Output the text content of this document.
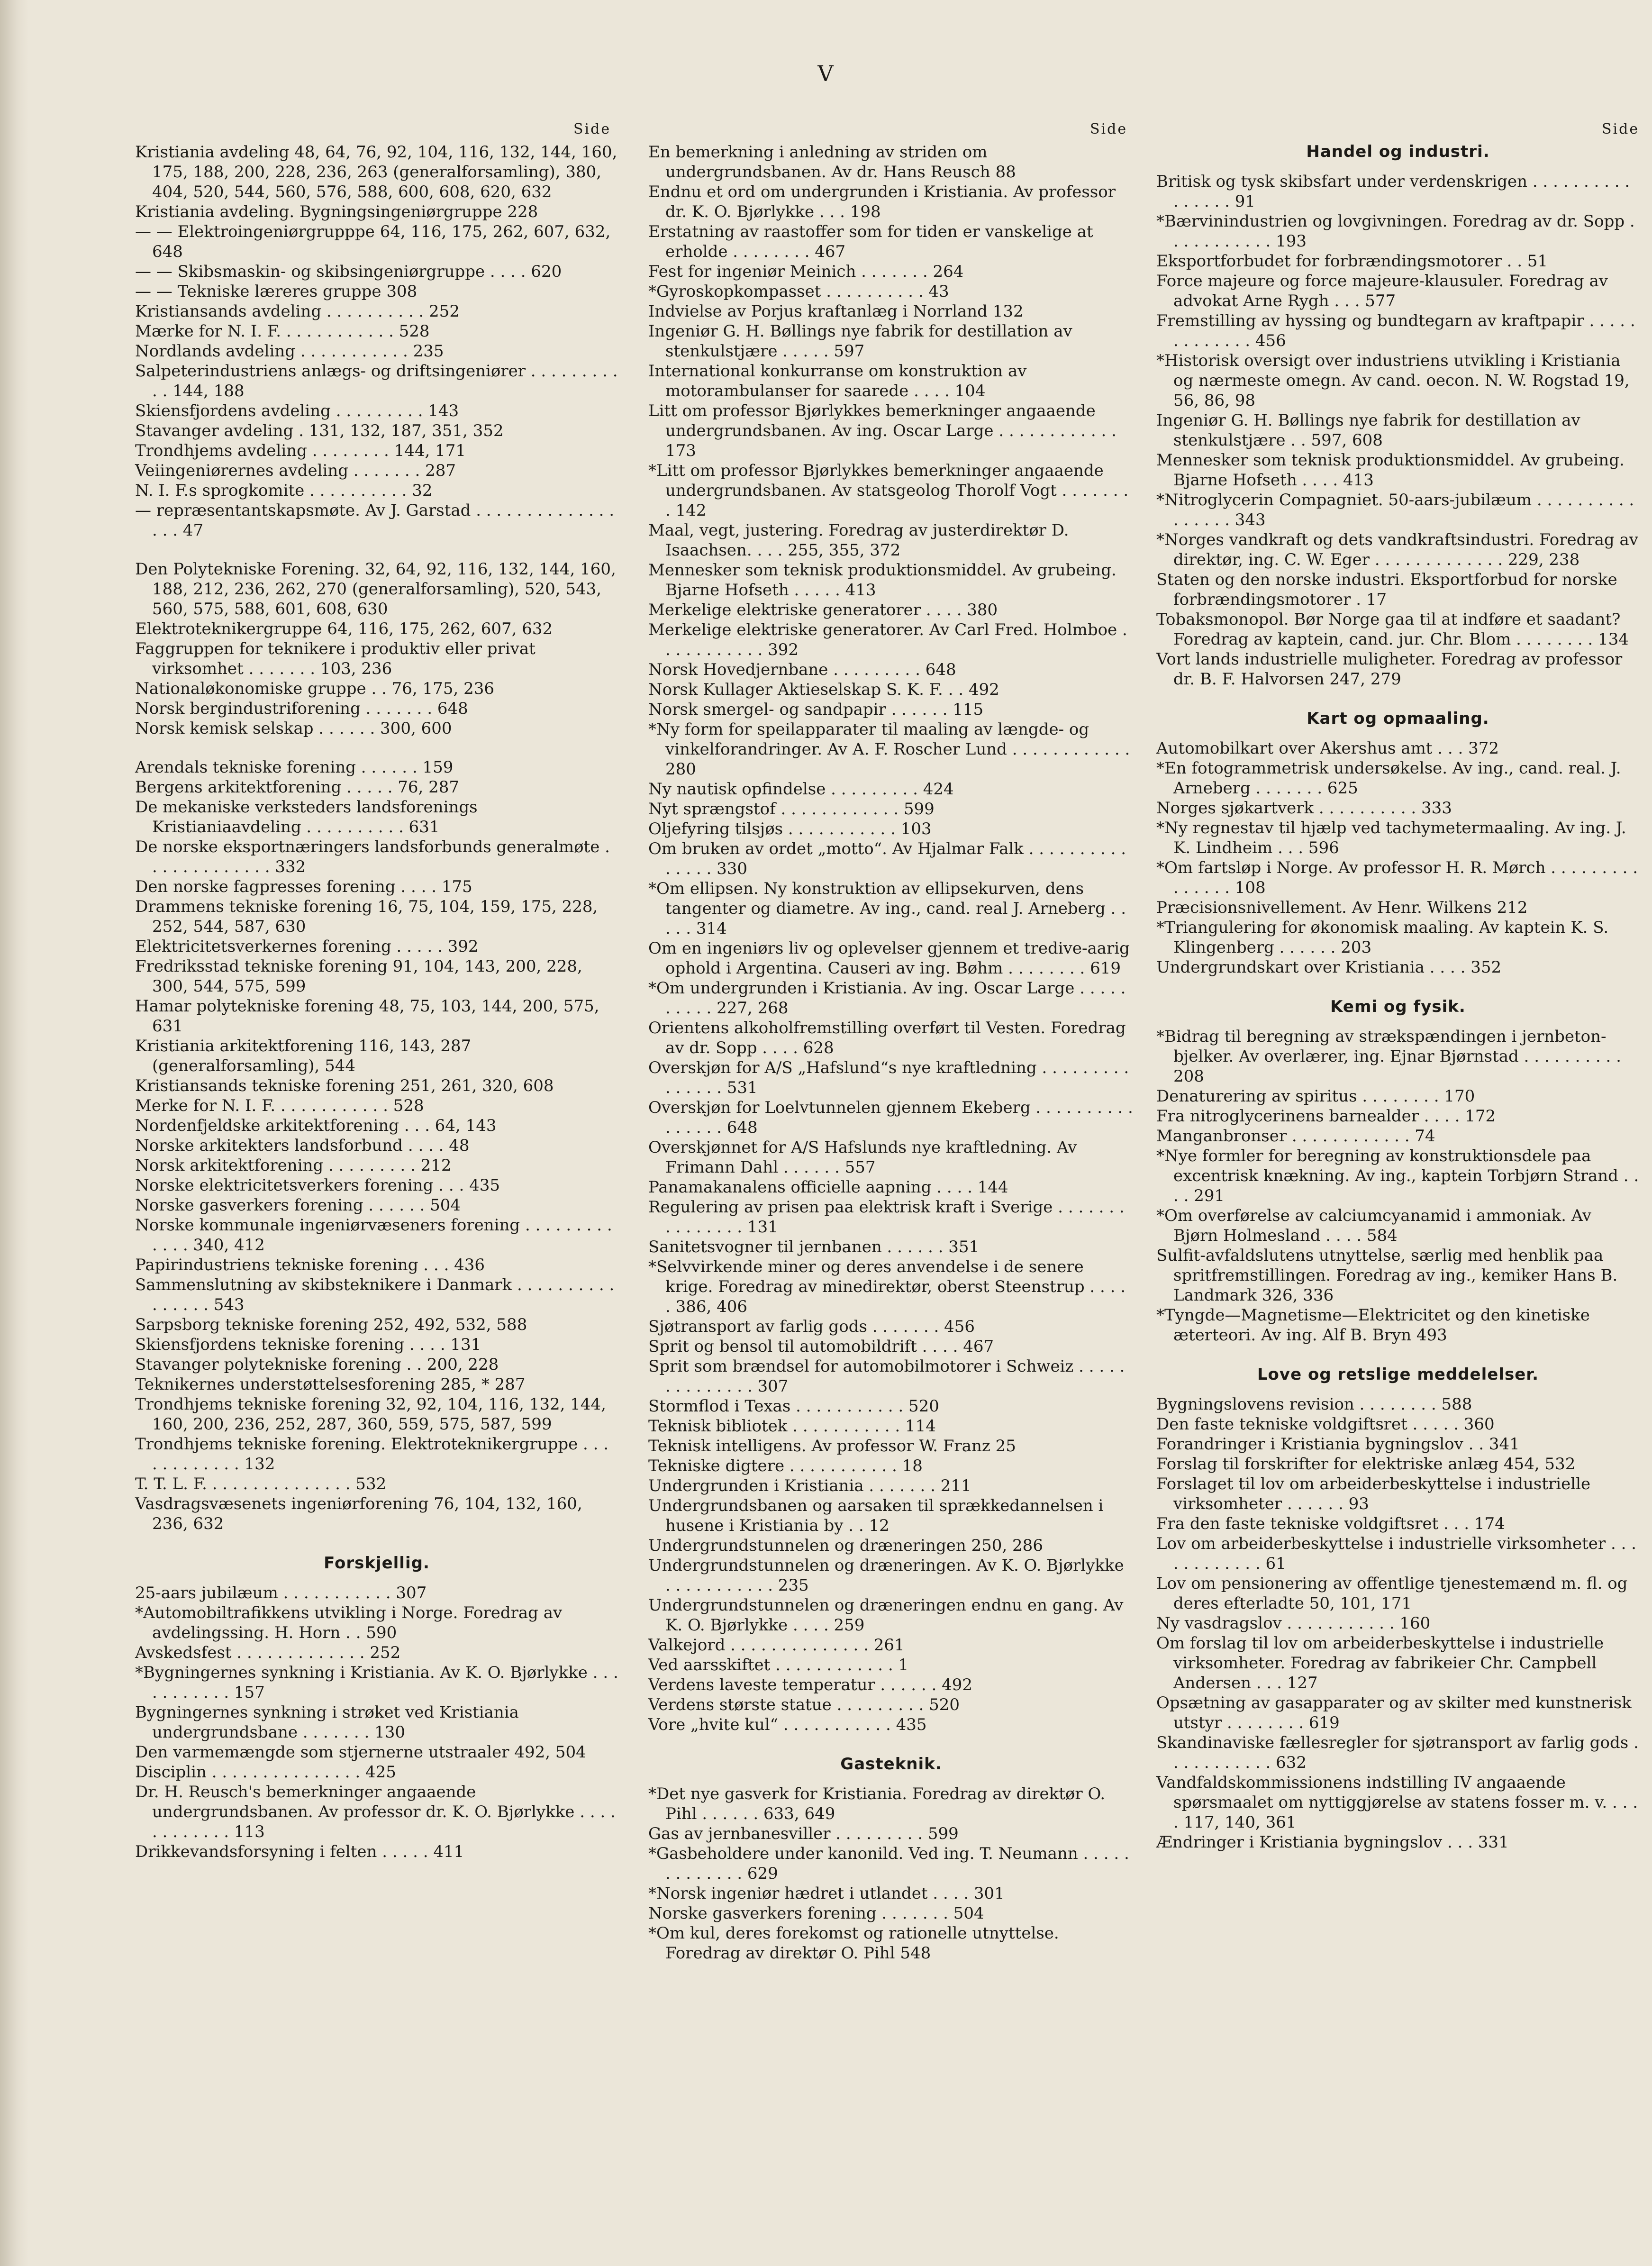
V
Side	Side	Side
Kristiania avdeling 48, 64, 76, 92, 104, 116, 132, 144, 160, 175, 188, 200, 228, 236, 263 (generalforsamling), 380, 404, 520, 544, 560, 576, 588, 600, 608, 620, 632
Kristiania avdeling. Bygningsingeniørgruppe 228
— — Elektroingeniørgrupppe 64, 116, 175, 262, 607, 632, 648
— — Skibsmaskin- og skibsingeniørgruppe . . . . 620
— — Tekniske læreres gruppe 308
Kristiansands avdeling . . . . . . . . . . 252
Mærke for N. I. F. . . . . . . . . . . . 528
Nordlands avdeling . . . . . . . . . . . 235
Salpeterindustriens anlægs- og driftsingeniører . . . . . . . . . . . 144, 188
Skiensfjordens avdeling . . . . . . . . . 143
Stavanger avdeling . 131, 132, 187, 351, 352
Trondhjems avdeling . . . . . . . . 144, 171
Veiingeniørernes avdeling . . . . . . . 287
N. I. F.s sprogkomite . . . . . . . . . . 32
— repræsentantskapsmøte. Av J. Garstad . . . . . . . . . . . . . . . . . 47
Den Polytekniske Forening. 32, 64, 92, 116, 132, 144, 160, 188, 212, 236, 262, 270 (generalforsamling), 520, 543, 560, 575, 588, 601, 608, 630
Elektroteknikergruppe 64, 116, 175, 262, 607, 632
Faggruppen for teknikere i produktiv eller privat virksomhet . . . . . . . 103, 236
Nationaløkonomiske gruppe . . 76, 175, 236
Norsk bergindustriforening . . . . . . . 648
Norsk kemisk selskap . . . . . . 300, 600
Arendals tekniske forening . . . . . . 159
Bergens arkitektforening . . . . . 76, 287
De mekaniske verksteders landsforenings Kristianiaavdeling . . . . . . . . . . 631
De norske eksportnæringers landsforbunds generalmøte . . . . . . . . . . . . . 332
Den norske fagpresses forening . . . . 175
Drammens tekniske forening 16, 75, 104, 159, 175, 228, 252, 544, 587, 630
Elektricitetsverkernes forening . . . . . 392
Fredriksstad tekniske forening 91, 104, 143, 200, 228, 300, 544, 575, 599
Hamar polytekniske forening 48, 75, 103, 144, 200, 575, 631
Kristiania arkitektforening 116, 143, 287 (generalforsamling), 544
Kristiansands tekniske forening 251, 261, 320, 608
Merke for N. I. F. . . . . . . . . . . . 528
Nordenfjeldske arkitektforening . . . 64, 143
Norske arkitekters landsforbund . . . . 48
Norsk arkitektforening . . . . . . . . . 212
Norske elektricitetsverkers forening . . . 435
Norske gasverkers forening . . . . . . 504
Norske kommunale ingeniørvæseners forening . . . . . . . . . . . . . 340, 412
Papirindustriens tekniske forening . . . 436
Sammenslutning av skibsteknikere i Danmark . . . . . . . . . . . . . . . . 543
Sarpsborg tekniske forening 252, 492, 532, 588
Skiensfjordens tekniske forening . . . . 131
Stavanger polytekniske forening . . 200, 228
Teknikernes understøttelsesforening 285, * 287
Trondhjems tekniske forening 32, 92, 104, 116, 132, 144, 160, 200, 236, 252, 287, 360, 559, 575, 587, 599
Trondhjems tekniske forening. Elektroteknikergruppe . . . . . . . . . . . . 132
T. T. L. F. . . . . . . . . . . . . . . 532
Vasdragsvæsenets ingeniørforening 76, 104, 132, 160, 236, 632
Forskjellig.
25-aars jubilæum . . . . . . . . . . . 307
*Automobiltrafikkens utvikling i Norge. Foredrag av avdelingssing. H. Horn . . 590
Avskedsfest . . . . . . . . . . . . . 252
*Bygningernes synkning i Kristiania. Av K. O. Bjørlykke . . . . . . . . . . . 157
Bygningernes synkning i strøket ved Kristiania undergrundsbane . . . . . . . 130
Den varmemængde som stjernerne utstraaler 492, 504
Disciplin . . . . . . . . . . . . . . . 425
Dr. H. Reusch's bemerkninger angaaende undergrundsbanen. Av professor dr. K. O. Bjørlykke . . . . . . . . . . . . 113
Drikkevandsforsyning i felten . . . . . 411
En bemerkning i anledning av striden om undergrundsbanen. Av dr. Hans Reusch 88
Endnu et ord om undergrunden i Kristiania. Av professor dr. K. O. Bjørlykke . . . 198
Erstatning av raastoffer som for tiden er vanskelige at erholde . . . . . . . . 467
Fest for ingeniør Meinich . . . . . . . 264
*Gyroskopkompasset . . . . . . . . . . 43
Indvielse av Porjus kraftanlæg i Norrland 132
Ingeniør G. H. Bøllings nye fabrik for destillation av stenkulstjære . . . . . 597
International konkurranse om konstruktion av motorambulanser for saarede . . . . 104
Litt om professor Bjørlykkes bemerkninger angaaende undergrundsbanen. Av ing. Oscar Large . . . . . . . . . . . . 173
*Litt om professor Bjørlykkes bemerkninger angaaende undergrundsbanen. Av statsgeolog Thorolf Vogt . . . . . . . . 142
Maal, vegt, justering. Foredrag av justerdirektør D. Isaachsen. . . . 255, 355, 372
Mennesker som teknisk produktionsmiddel. Av grubeing. Bjarne Hofseth . . . . . 413
Merkelige elektriske generatorer . . . . 380
Merkelige elektriske generatorer. Av Carl Fred. Holmboe . . . . . . . . . . . 392
Norsk Hovedjernbane . . . . . . . . . 648
Norsk Kullager Aktieselskap S. K. F. . . 492
Norsk smergel- og sandpapir . . . . . . 115
*Ny form for speilapparater til maaling av længde- og vinkelforandringer. Av A. F. Roscher Lund . . . . . . . . . . . . 280
Ny nautisk opfindelse . . . . . . . . . 424
Nyt sprængstof . . . . . . . . . . . . 599
Oljefyring tilsjøs . . . . . . . . . . . 103
Om bruken av ordet „motto“. Av Hjalmar Falk . . . . . . . . . . . . . . . 330
*Om ellipsen. Ny konstruktion av ellipsekurven, dens tangenter og diametre. Av ing., cand. real J. Arneberg . . . . . 314
Om en ingeniørs liv og oplevelser gjennem et tredive-aarig ophold i Argentina. Causeri av ing. Bøhm . . . . . . . . 619
*Om undergrunden i Kristiania. Av ing. Oscar Large . . . . . . . . . . 227, 268
Orientens alkoholfremstilling overført til Vesten. Foredrag av dr. Sopp . . . . 628
Overskjøn for A/S „Hafslund“s nye kraftledning . . . . . . . . . . . . . . . 531
Overskjøn for Loelvtunnelen gjennem Ekeberg . . . . . . . . . . . . . . . . 648
Overskjønnet for A/S Hafslunds nye kraftledning. Av Frimann Dahl . . . . . . 557
Panamakanalens officielle aapning . . . . 144
Regulering av prisen paa elektrisk kraft i Sverige . . . . . . . . . . . . . . . 131
Sanitetsvogner til jernbanen . . . . . . 351
*Selvvirkende miner og deres anvendelse i de senere krige. Foredrag av minedirektør, oberst Steenstrup . . . . . 386, 406
Sjøtransport av farlig gods . . . . . . . 456
Sprit og bensol til automobildrift . . . . 467
Sprit som brændsel for automobilmotorer i Schweiz . . . . . . . . . . . . . . 307
Stormflod i Texas . . . . . . . . . . . 520
Teknisk bibliotek . . . . . . . . . . . 114
Teknisk intelligens. Av professor W. Franz 25
Tekniske digtere . . . . . . . . . . . 18
Undergrunden i Kristiania . . . . . . . 211
Undergrundsbanen og aarsaken til sprækkedannelsen i husene i Kristiania by . . 12
Undergrundstunnelen og dræneringen 250, 286
Undergrundstunnelen og dræneringen. Av K. O. Bjørlykke . . . . . . . . . . . 235
Undergrundstunnelen og dræneringen endnu en gang. Av K. O. Bjørlykke . . . . 259
Valkejord . . . . . . . . . . . . . . 261
Ved aarsskiftet . . . . . . . . . . . . 1
Verdens laveste temperatur . . . . . . 492
Verdens største statue . . . . . . . . . 520
Vore „hvite kul“ . . . . . . . . . . . 435
Gasteknik.
*Det nye gasverk for Kristiania. Foredrag av direktør O. Pihl . . . . . . 633, 649
Gas av jernbanesviller . . . . . . . . . 599
*Gasbeholdere under kanonild. Ved ing. T. Neumann . . . . . . . . . . . . . 629
*Norsk ingeniør hædret i utlandet . . . . 301
Norske gasverkers forening . . . . . . . 504
*Om kul, deres forekomst og rationelle utnyttelse. Foredrag av direktør O. Pihl 548
Handel og industri.
Britisk og tysk skibsfart under verdenskrigen . . . . . . . . . . . . . . . . 91
*Bærvinindustrien og lovgivningen. Foredrag av dr. Sopp . . . . . . . . . . . 193
Eksportforbudet for forbrændingsmotorer . . 51
Force majeure og force majeure-klausuler. Foredrag av advokat Arne Rygh . . . 577
Fremstilling av hyssing og bundtegarn av kraftpapir . . . . . . . . . . . . . 456
*Historisk oversigt over industriens utvikling i Kristiania og nærmeste omegn. Av cand. oecon. N. W. Rogstad 19, 56, 86, 98
Ingeniør G. H. Bøllings nye fabrik for destillation av stenkulstjære . . 597, 608
Mennesker som teknisk produktionsmiddel. Av grubeing. Bjarne Hofseth . . . . 413
*Nitroglycerin Compagniet. 50-aars-jubilæum . . . . . . . . . . . . . . . . 343
*Norges vandkraft og dets vandkraftsindustri. Foredrag av direktør, ing. C. W. Eger . . . . . . . . . . . . . 229, 238
Staten og den norske industri. Eksportforbud for norske forbrændingsmotorer . 17
Tobaksmonopol. Bør Norge gaa til at indføre et saadant? Foredrag av kaptein, cand. jur. Chr. Blom . . . . . . . . 134
Vort lands industrielle muligheter. Foredrag av professor dr. B. F. Halvorsen 247, 279
Kart og opmaaling.
Automobilkart over Akershus amt . . . 372
*En fotogrammetrisk undersøkelse. Av ing., cand. real. J. Arneberg . . . . . . . 625
Norges sjøkartverk . . . . . . . . . . 333
*Ny regnestav til hjælp ved tachymetermaaling. Av ing. J. K. Lindheim . . . 596
*Om fartsløp i Norge. Av professor H. R. Mørch . . . . . . . . . . . . . . . 108
Præcisionsnivellement. Av Henr. Wilkens 212
*Triangulering for økonomisk maaling. Av kaptein K. S. Klingenberg . . . . . . 203
Undergrundskart over Kristiania . . . . 352
Kemi og fysik.
*Bidrag til beregning av strækspændingen i jernbeton-bjelker. Av overlærer, ing. Ejnar Bjørnstad . . . . . . . . . . 208
Denaturering av spiritus . . . . . . . . 170
Fra nitroglycerinens barnealder . . . . 172
Manganbronser . . . . . . . . . . . . 74
*Nye formler for beregning av konstruktionsdele paa excentrisk knækning. Av ing., kaptein Torbjørn Strand . . . . 291
*Om overførelse av calciumcyanamid i ammoniak. Av Bjørn Holmesland . . . . 584
Sulfit-avfaldslutens utnyttelse, særlig med henblik paa spritfremstillingen. Foredrag av ing., kemiker Hans B. Landmark 326, 336
*Tyngde—Magnetisme—Elektricitet og den kinetiske æterteori. Av ing. Alf B. Bryn 493
Love og retslige meddelelser.
Bygningslovens revision . . . . . . . . 588
Den faste tekniske voldgiftsret . . . . . 360
Forandringer i Kristiania bygningslov . . 341
Forslag til forskrifter for elektriske anlæg 454, 532
Forslaget til lov om arbeiderbeskyttelse i industrielle virksomheter . . . . . . 93
Fra den faste tekniske voldgiftsret . . . 174
Lov om arbeiderbeskyttelse i industrielle virksomheter . . . . . . . . . . . . 61
Lov om pensionering av offentlige tjenestemænd m. fl. og deres efterladte 50, 101, 171
Ny vasdragslov . . . . . . . . . . . 160
Om forslag til lov om arbeiderbeskyttelse i industrielle virksomheter. Foredrag av fabrikeier Chr. Campbell Andersen . . . 127
Opsætning av gasapparater og av skilter med kunstnerisk utstyr . . . . . . . . 619
Skandinaviske fællesregler for sjøtransport av farlig gods . . . . . . . . . . . 632
Vandfaldskommissionens indstilling IV angaaende spørsmaalet om nyttiggjørelse av statens fosser m. v. . . . . 117, 140, 361
Ændringer i Kristiania bygningslov . . . 331
